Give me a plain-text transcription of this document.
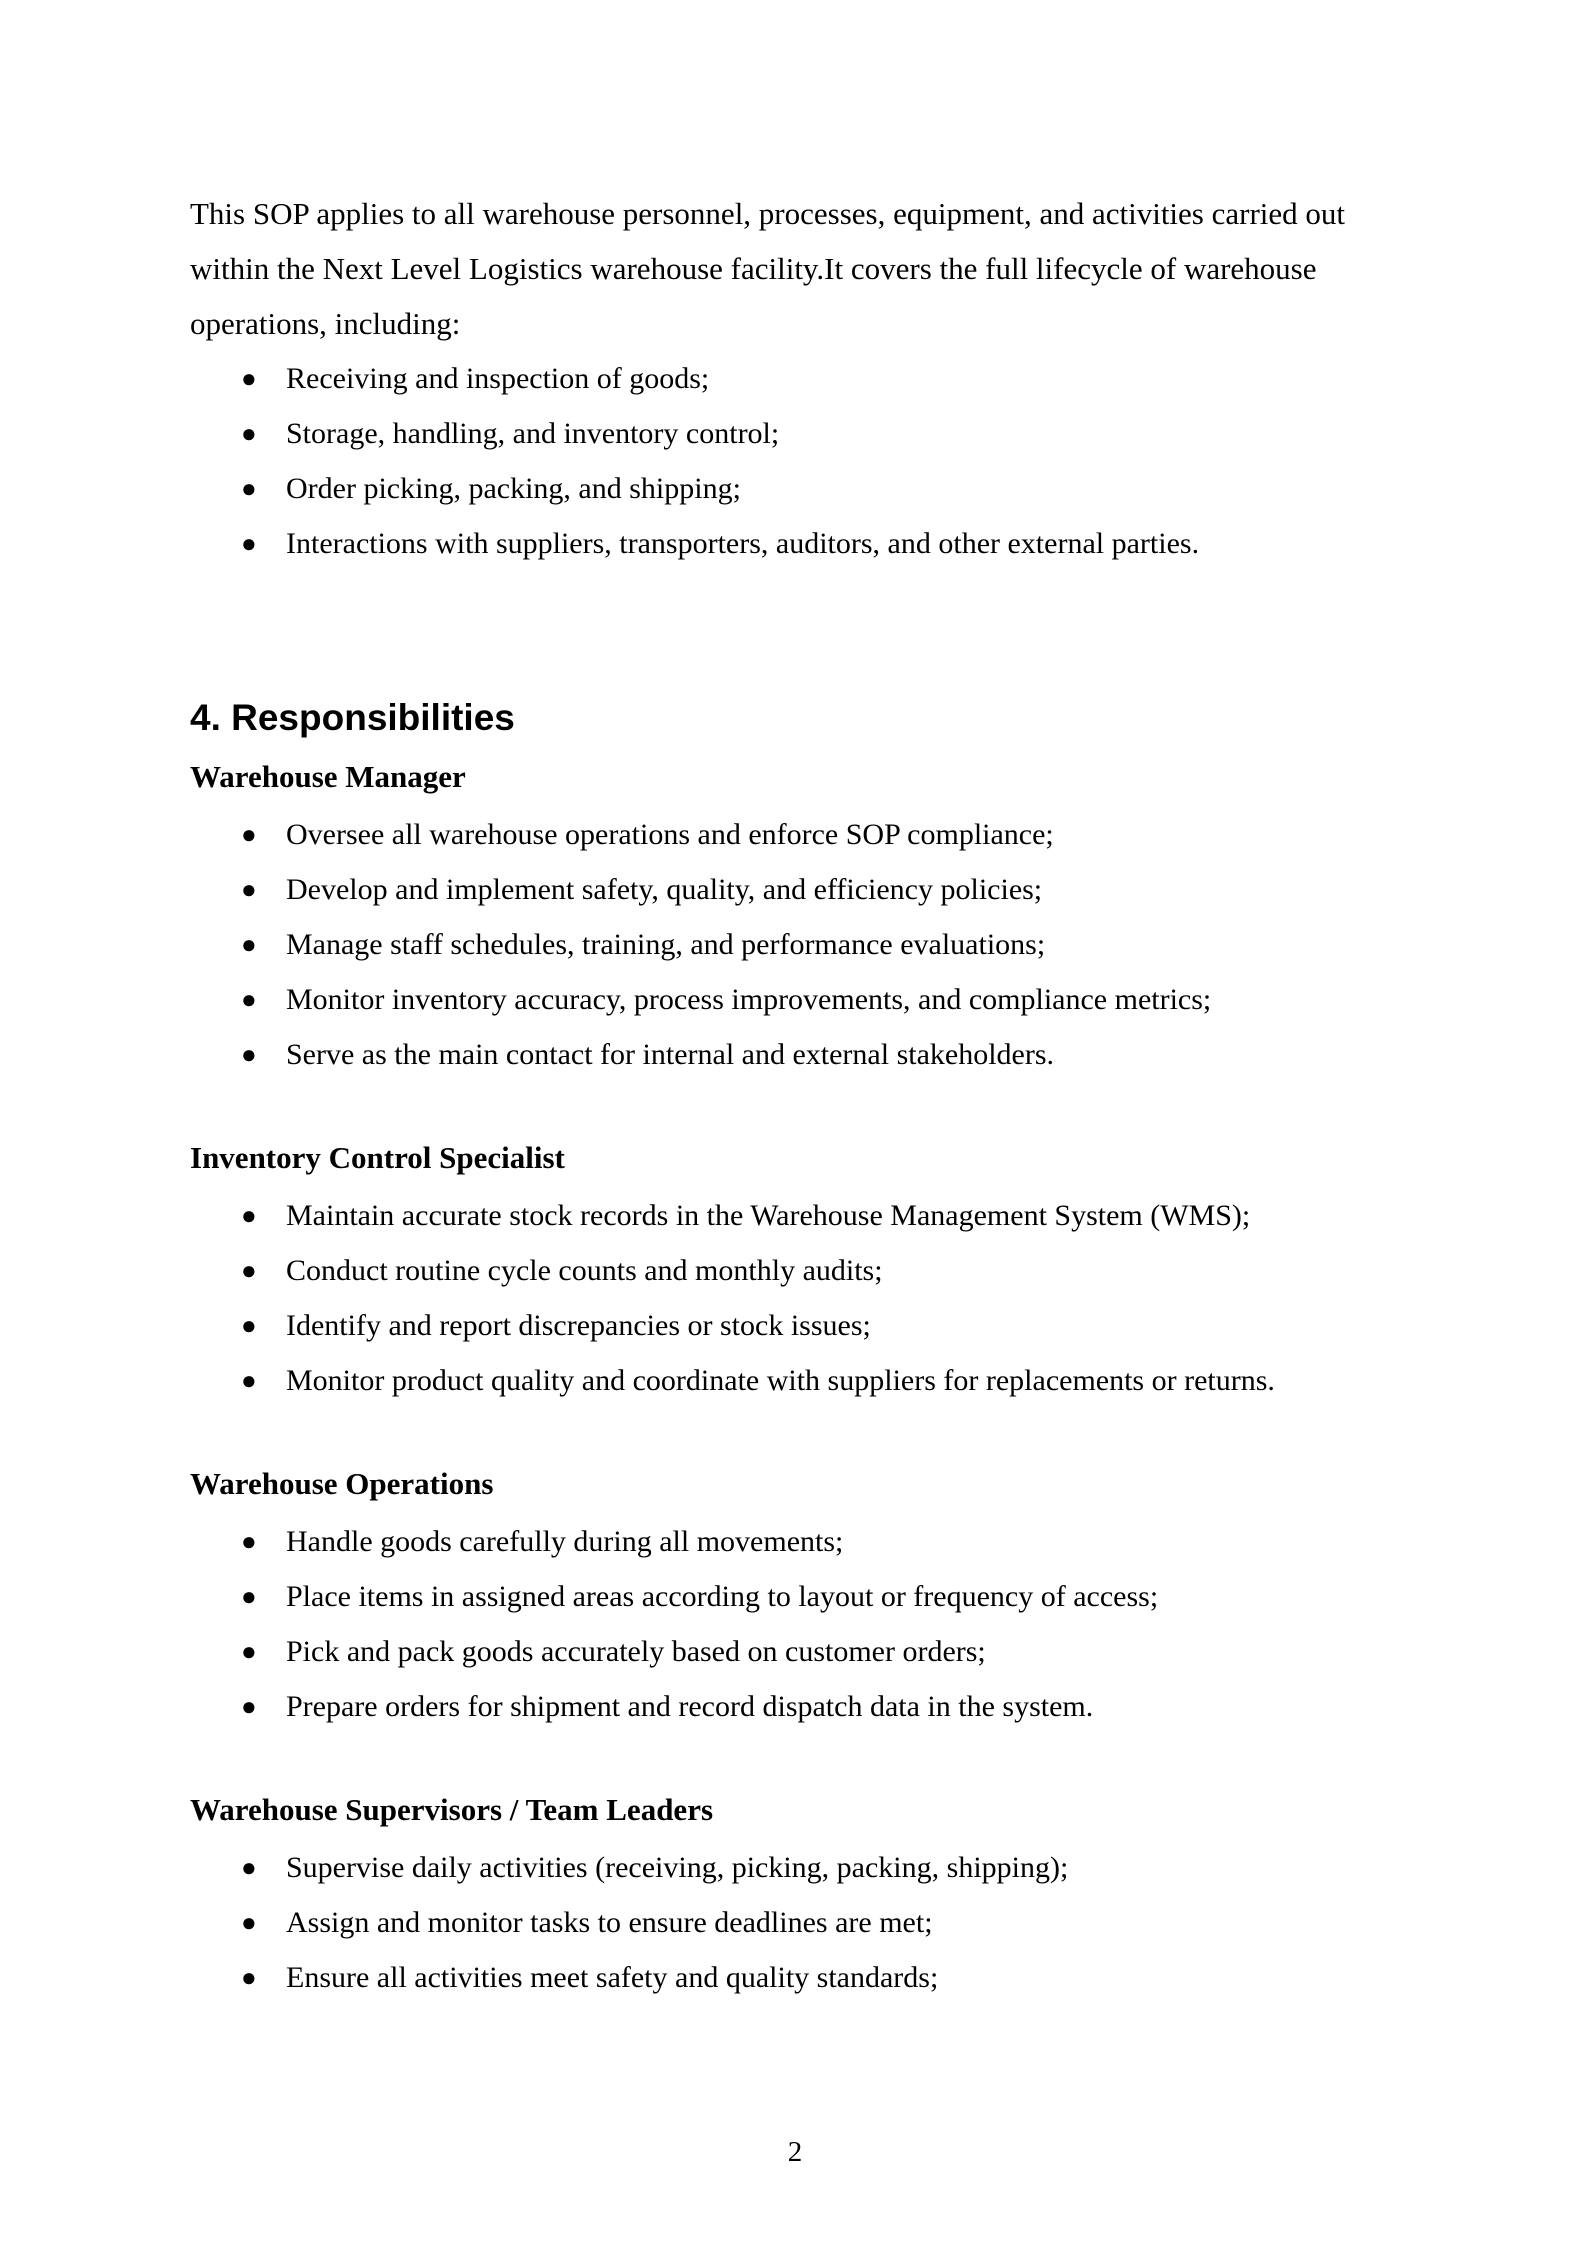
This SOP applies to all warehouse personnel, processes, equipment, and activities carried out within the Next Level Logistics warehouse facility.It covers the full lifecycle of warehouse operations, including:

● Receiving and inspection of goods;
● Storage, handling, and inventory control;
● Order picking, packing, and shipping;
● Interactions with suppliers, transporters, auditors, and other external parties.
4. Responsibilities
Warehouse Manager
● Oversee all warehouse operations and enforce SOP compliance;
● Develop and implement safety, quality, and efficiency policies;
● Manage staff schedules, training, and performance evaluations;
● Monitor inventory accuracy, process improvements, and compliance metrics;
● Serve as the main contact for internal and external stakeholders.
Inventory Control Specialist
● Maintain accurate stock records in the Warehouse Management System (WMS);
● Conduct routine cycle counts and monthly audits;
● Identify and report discrepancies or stock issues;
● Monitor product quality and coordinate with suppliers for replacements or returns.
Warehouse Operations
● Handle goods carefully during all movements;
● Place items in assigned areas according to layout or frequency of access;
● Pick and pack goods accurately based on customer orders;
● Prepare orders for shipment and record dispatch data in the system.
Warehouse Supervisors / Team Leaders
● Supervise daily activities (receiving, picking, packing, shipping);
● Assign and monitor tasks to ensure deadlines are met;
● Ensure all activities meet safety and quality standards;
2
